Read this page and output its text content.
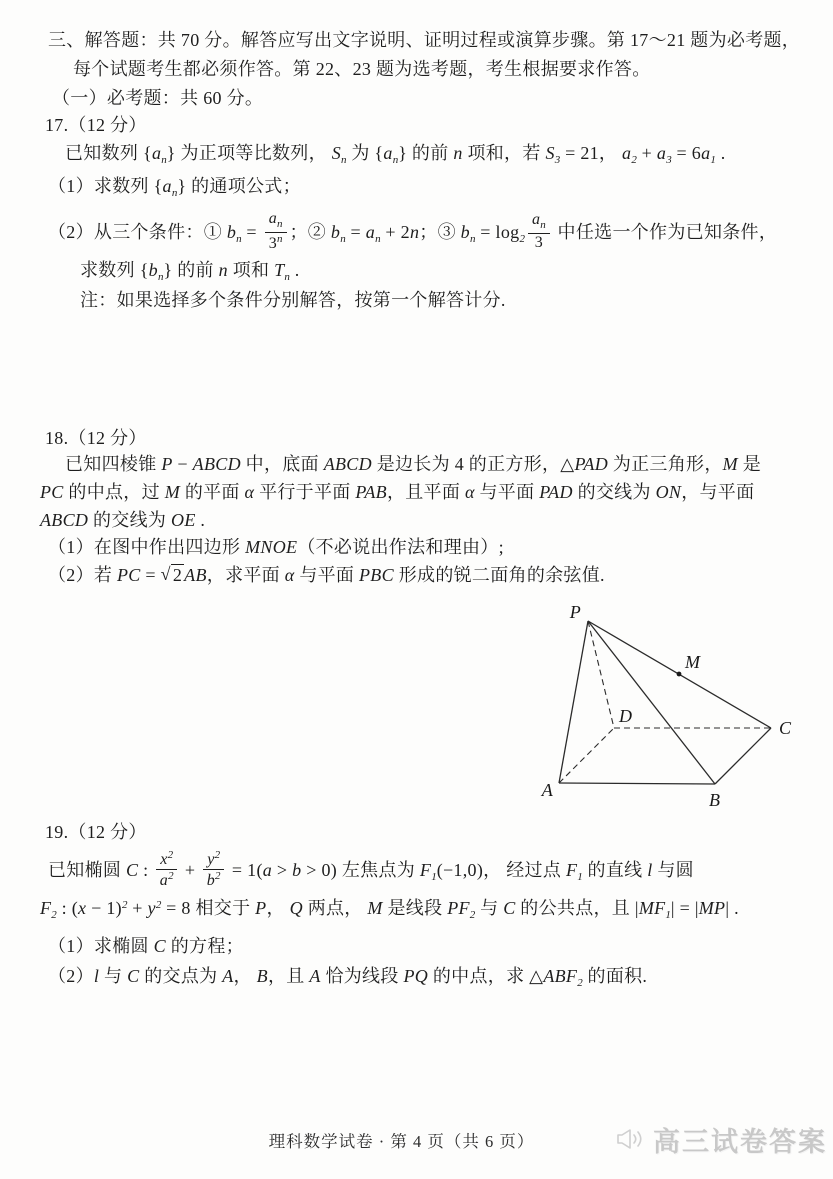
三、解答题：共 70 分。解答应写出文字说明、证明过程或演算步骤。第 17～21 题为必考题，
每个试题考生都必须作答。第 22、23 题为选考题，考生根据要求作答。
（一）必考题：共 60 分。
17.（12 分）
已知数列 $\{a_n\}$ 为正项等比数列， $S_n$ 为 $\{a_n\}$ 的前 n 项和，若 $S_3 = 21$， $a_2 + a_3 = 6a_1$ .
（1）求数列 $\{a_n\}$ 的通项公式；
（2）从三个条件：① $b_n = \frac{a_n}{3^n}$ ；② $b_n = a_n + 2n$；③ $b_n = \log_2 \frac{a_n}{3}$ 中任选一个作为已知条件，
求数列 $\{b_n\}$ 的前 n 项和 $T_n$ .
注：如果选择多个条件分别解答，按第一个解答计分.
18.（12 分）
已知四棱锥 P − ABCD 中，底面 ABCD 是边长为 4 的正方形，△PAD 为正三角形，M 是
PC 的中点，过 M 的平面 α 平行于平面 PAB，且平面 α 与平面 PAD 的交线为 ON，与平面
ABCD 的交线为 OE .
（1）在图中作出四边形 MNOE（不必说出作法和理由）;
（2）若 PC = √ 2 AB，求平面 α 与平面 PBC 形成的锐二面角的余弦值.
P
M
D
C
A	B
19.（12 分）
已知椭圆 C : $\frac{x^2}{a^2} + \frac{y^2}{b^2} = 1(a > b > 0)$ 左焦点为 $F_1(-1,0)$， 经过点 $F_1$ 的直线 l 与圆
$F_2$ : $(x - 1)^2 + y^2 = 8$ 相交于 P， Q 两点， M 是线段 $PF_2$ 与 C 的公共点，且 $|MF_1| = |MP|$ .
（1）求椭圆 C 的方程；
（2）l 与 C 的交点为 A， B，且 A 恰为线段 PQ 的中点，求 $\triangle ABF_2$ 的面积.
理科数学试卷 · 第 4 页（共 6 页）	高三试卷答案
